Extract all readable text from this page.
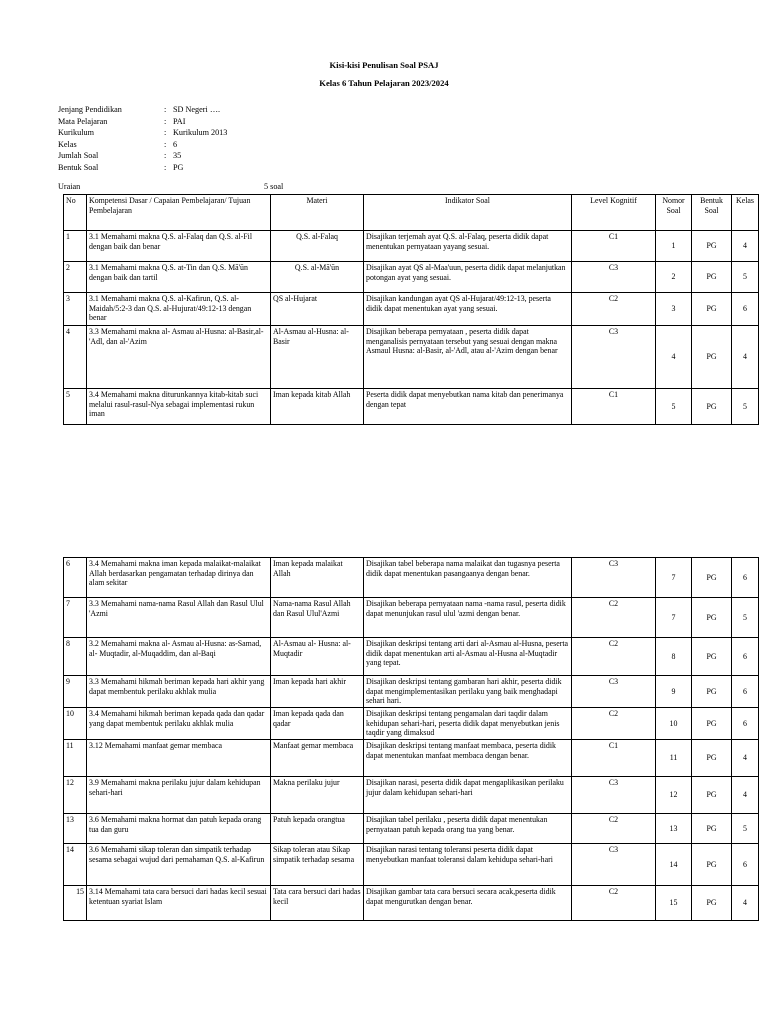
Kisi-kisi Penulisan Soal PSAJ
Kelas 6 Tahun Pelajaran 2023/2024
Jenjang Pendidikan	: SD Negeri ….
Mata Pelajaran	: PAI
Kurikulum	: Kurikulum 2013
Kelas	: 6
Jumlah Soal	: 35
Bentuk Soal	: PG
Uraian	5 soal
No	Kompetensi Dasar / Capaian Pembelajaran/ Tujuan Pembelajaran	Materi	Indikator Soal	Level Kognitif	Nomor Soal	Bentuk Soal	Kelas
1	3.1 Memahami makna Q.S. al-Falaq dan Q.S. al-Fil dengan baik dan benar	Q.S. al-Falaq	Disajikan terjemah ayat Q.S. al-Falaq, peserta didik dapat menentukan pernyataan yayang sesuai.	C1	1	PG	4
2	3.1 Memahami makna Q.S. at-Tin dan Q.S. Mā'ūn dengan baik dan tartil	Q.S. al-Mā'ūn	Disajikan ayat QS al-Maa'uun, peserta didik dapat melanjutkan potongan ayat yang sesuai.	C3	2	PG	5
3	3.1 Memahami makna Q.S. al-Kafirun, Q.S. al- Maidah/5:2-3 dan Q.S. al-Hujurat/49:12-13 dengan benar	QS al-Hujarat	Disajikan kandungan ayat QS al-Hujarat/49:12-13, peserta didik dapat menentukan ayat yang sesuai.	C2	3	PG	6
4	3.3 Memahami makna al- Asmau al-Husna: al-Basir,al-'Adl, dan al-'Azim	Al-Asmau al-Husna: al-Basir	Disajikan beberapa pernyataan , peserta didik dapat menganalisis pernyataan tersebut yang sesuai dengan makna Asmaul Husna: al-Basir, al-'Adl, atau al-'Azim dengan benar	C3	4	PG	4
5	3.4 Memahami makna diturunkannya kitab-kitab suci melalui rasul-rasul-Nya sebagai implementasi rukun iman	Iman kepada kitab Allah	Peserta didik dapat menyebutkan nama kitab dan penerimanya dengan tepat	C1	5	PG	5
6	3.4 Memahami makna iman kepada malaikat-malaikat Allah berdasarkan pengamatan terhadap dirinya dan alam sekitar	Iman kepada malaikat Allah	Disajikan tabel beberapa nama malaikat dan tugasnya peserta didik dapat menentukan pasangaanya dengan benar.	C3	7	PG	6
7	3.3 Memahami nama-nama Rasul Allah dan Rasul Ulul 'Azmi	Nama-nama Rasul Allah dan Rasul Ulul'Azmi	Disajikan beberapa pernyataan nama -nama rasul, peserta didik dapat menunjukan rasul ulul 'azmi dengan benar.	C2	7	PG	5
8	3.2 Memahami makna al- Asmau al-Husna: as-Samad, al- Muqtadir, al-Muqaddim, dan al-Baqi	Al-Asmau al- Husna: al- Muqtadir	Disajikan deskripsi tentang arti dari al-Asmau al-Husna, peserta didik dapat menentukan arti al-Asmau al-Husna al-Muqtadir yang tepat.	C2	8	PG	6
9	3.3 Memahami hikmah beriman kepada hari akhir yang dapat membentuk perilaku akhlak mulia	Iman kepada hari akhir	Disajikan deskripsi tentang gambaran hari akhir, peserta didik dapat mengimplementasikan perilaku yang baik menghadapi sehari hari.	C3	9	PG	6
10	3.4 Memahami hikmah beriman kepada qada dan qadar yang dapat membentuk perilaku akhlak mulia	Iman kepada qada dan qadar	Disajikan deskripsi tentang pengamalan dari taqdir dalam kehidupan sehari-hari, peserta didik dapat menyebutkan jenis taqdir yang dimaksud	C2	10	PG	6
11	3.12 Memahami manfaat gemar membaca	Manfaat gemar membaca	Disajikan deskripsi tentang manfaat membaca, peserta didik dapat menentukan manfaat membaca dengan benar.	C1	11	PG	4
12	3.9 Memahami makna perilaku jujur dalam kehidupan sehari-hari	Makna perilaku jujur	Disajikan narasi, peserta didik dapat mengaplikasikan perilaku jujur dalam kehidupan sehari-hari	C3	12	PG	4
13	3.6 Memahami makna hormat dan patuh kepada orang tua dan guru	Patuh kepada orangtua	Disajikan tabel perilaku , peserta didik dapat menentukan pernyataan patuh kepada orang tua yang benar.	C2	13	PG	5
14	3.6 Memahami sikap toleran dan simpatik terhadap sesama sebagai wujud dari pemahaman Q.S. al-Kafirun	Sikap toleran atau Sikap simpatik terhadap sesama	Disajikan narasi tentang toleransi peserta didik dapat menyebutkan manfaat toleransi dalam kehidupa sehari-hari	C3	14	PG	6
15	3.14 Memahami tata cara bersuci dari hadas kecil sesuai ketentuan syariat Islam	Tata cara bersuci dari hadas kecil	Disajikan gambar tata cara bersuci secara acak,peserta didik dapat mengurutkan dengan benar.	C2	15	PG	4
